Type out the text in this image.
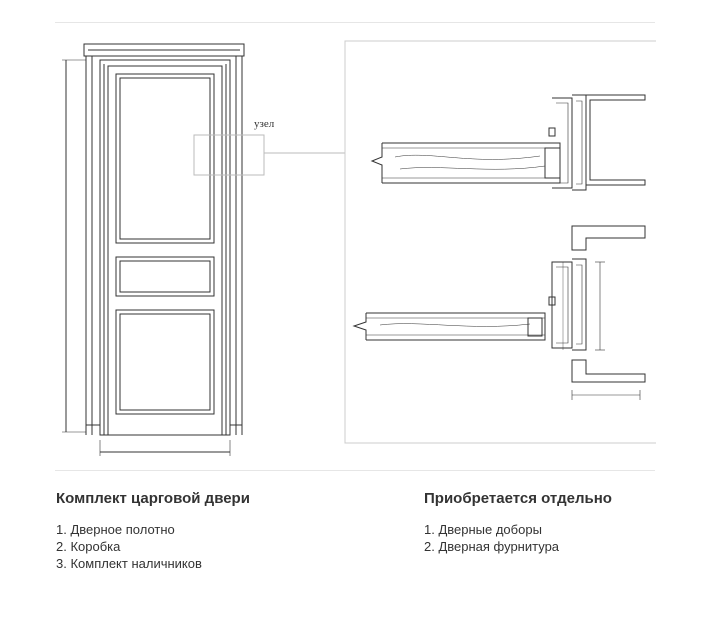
узел
Комплект царговой двери
1. Дверное полотно
2. Коробка
3. Комплект наличников
Приобретается отдельно
1. Дверные доборы
2. Дверная фурнитура
